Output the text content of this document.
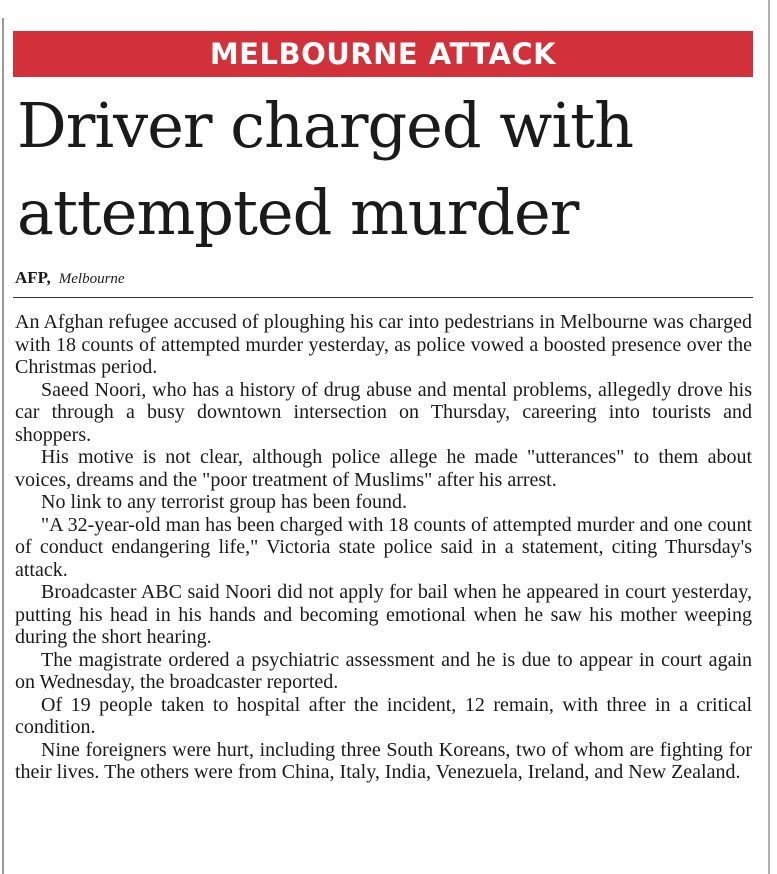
MELBOURNE ATTACK
Driver charged with attempted murder
AFP, Melbourne

An Afghan refugee accused of ploughing his car into pedestrians in Melbourne was charged with 18 counts of attempted murder yesterday, as police vowed a boosted presence over the Christmas period.

Saeed Noori, who has a history of drug abuse and mental problems, allegedly drove his car through a busy downtown intersection on Thursday, careering into tourists and shoppers.

His motive is not clear, although police allege he made "utterances" to them about voices, dreams and the "poor treatment of Muslims" after his arrest.

No link to any terrorist group has been found.

"A 32-year-old man has been charged with 18 counts of attempted murder and one count of conduct endangering life," Victoria state police said in a statement, citing Thursday's attack.

Broadcaster ABC said Noori did not apply for bail when he appeared in court yesterday, putting his head in his hands and becoming emotional when he saw his mother weeping during the short hearing.

The magistrate ordered a psychiatric assessment and he is due to appear in court again on Wednesday, the broadcaster reported.

Of 19 people taken to hospital after the incident, 12 remain, with three in a critical condition.

Nine foreigners were hurt, including three South Koreans, two of whom are fighting for their lives. The others were from China, Italy, India, Venezuela, Ireland, and New Zealand.
